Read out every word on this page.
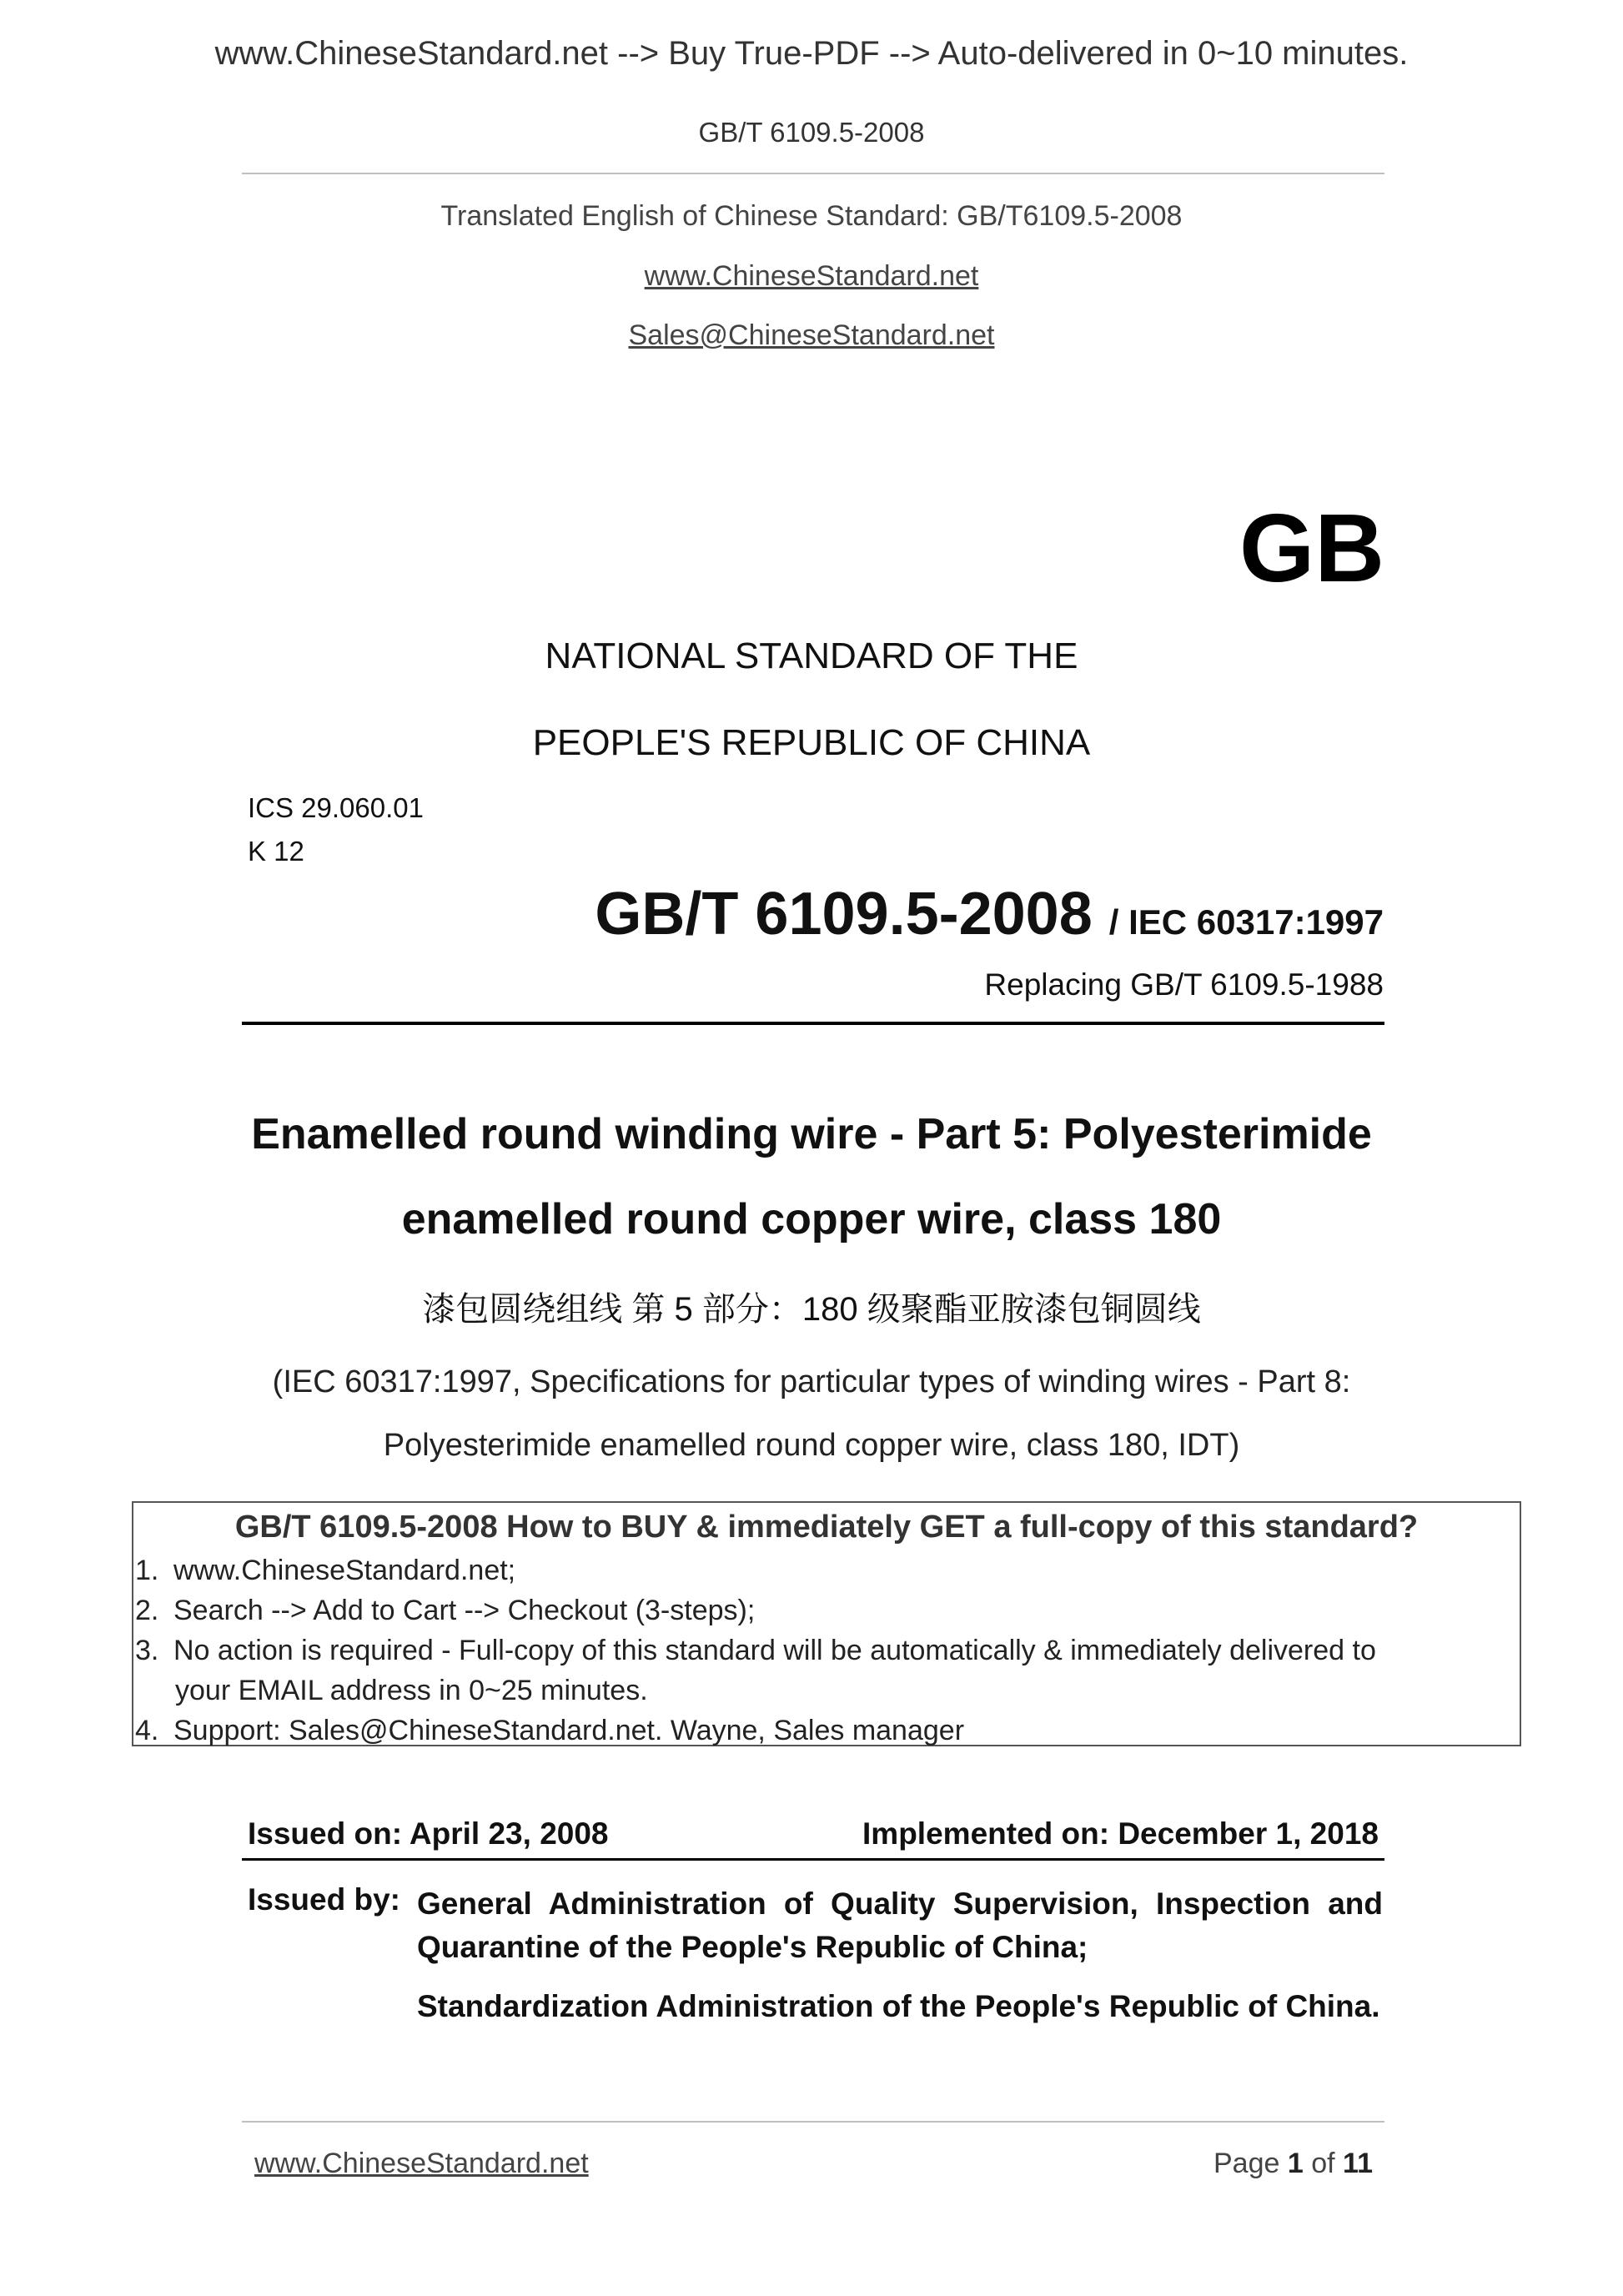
www.ChineseStandard.net --> Buy True-PDF --> Auto-delivered in 0~10 minutes.
GB/T 6109.5-2008
Translated English of Chinese Standard: GB/T6109.5-2008
www.ChineseStandard.net
Sales@ChineseStandard.net
GB
NATIONAL STANDARD OF THE
PEOPLE'S REPUBLIC OF CHINA
ICS 29.060.01
K 12
GB/T 6109.5-2008 / IEC 60317:1997
Replacing GB/T 6109.5-1988
Enamelled round winding wire - Part 5: Polyesterimide
enamelled round copper wire, class 180
漆包圆绕组线 第 5 部分：180 级聚酯亚胺漆包铜圆线
(IEC 60317:1997, Specifications for particular types of winding wires - Part 8:
Polyesterimide enamelled round copper wire, class 180, IDT)
GB/T 6109.5-2008 How to BUY & immediately GET a full-copy of this standard?
1. www.ChineseStandard.net;
2. Search --> Add to Cart --> Checkout (3-steps);
3. No action is required - Full-copy of this standard will be automatically & immediately delivered to
your EMAIL address in 0~25 minutes.
4. Support: Sales@ChineseStandard.net. Wayne, Sales manager
Issued on: April 23, 2008	Implemented on: December 1, 2018
Issued by: General Administration of Quality Supervision, Inspection and Quarantine of the People's Republic of China;
Standardization Administration of the People's Republic of China.
www.ChineseStandard.net	Page 1 of 11
